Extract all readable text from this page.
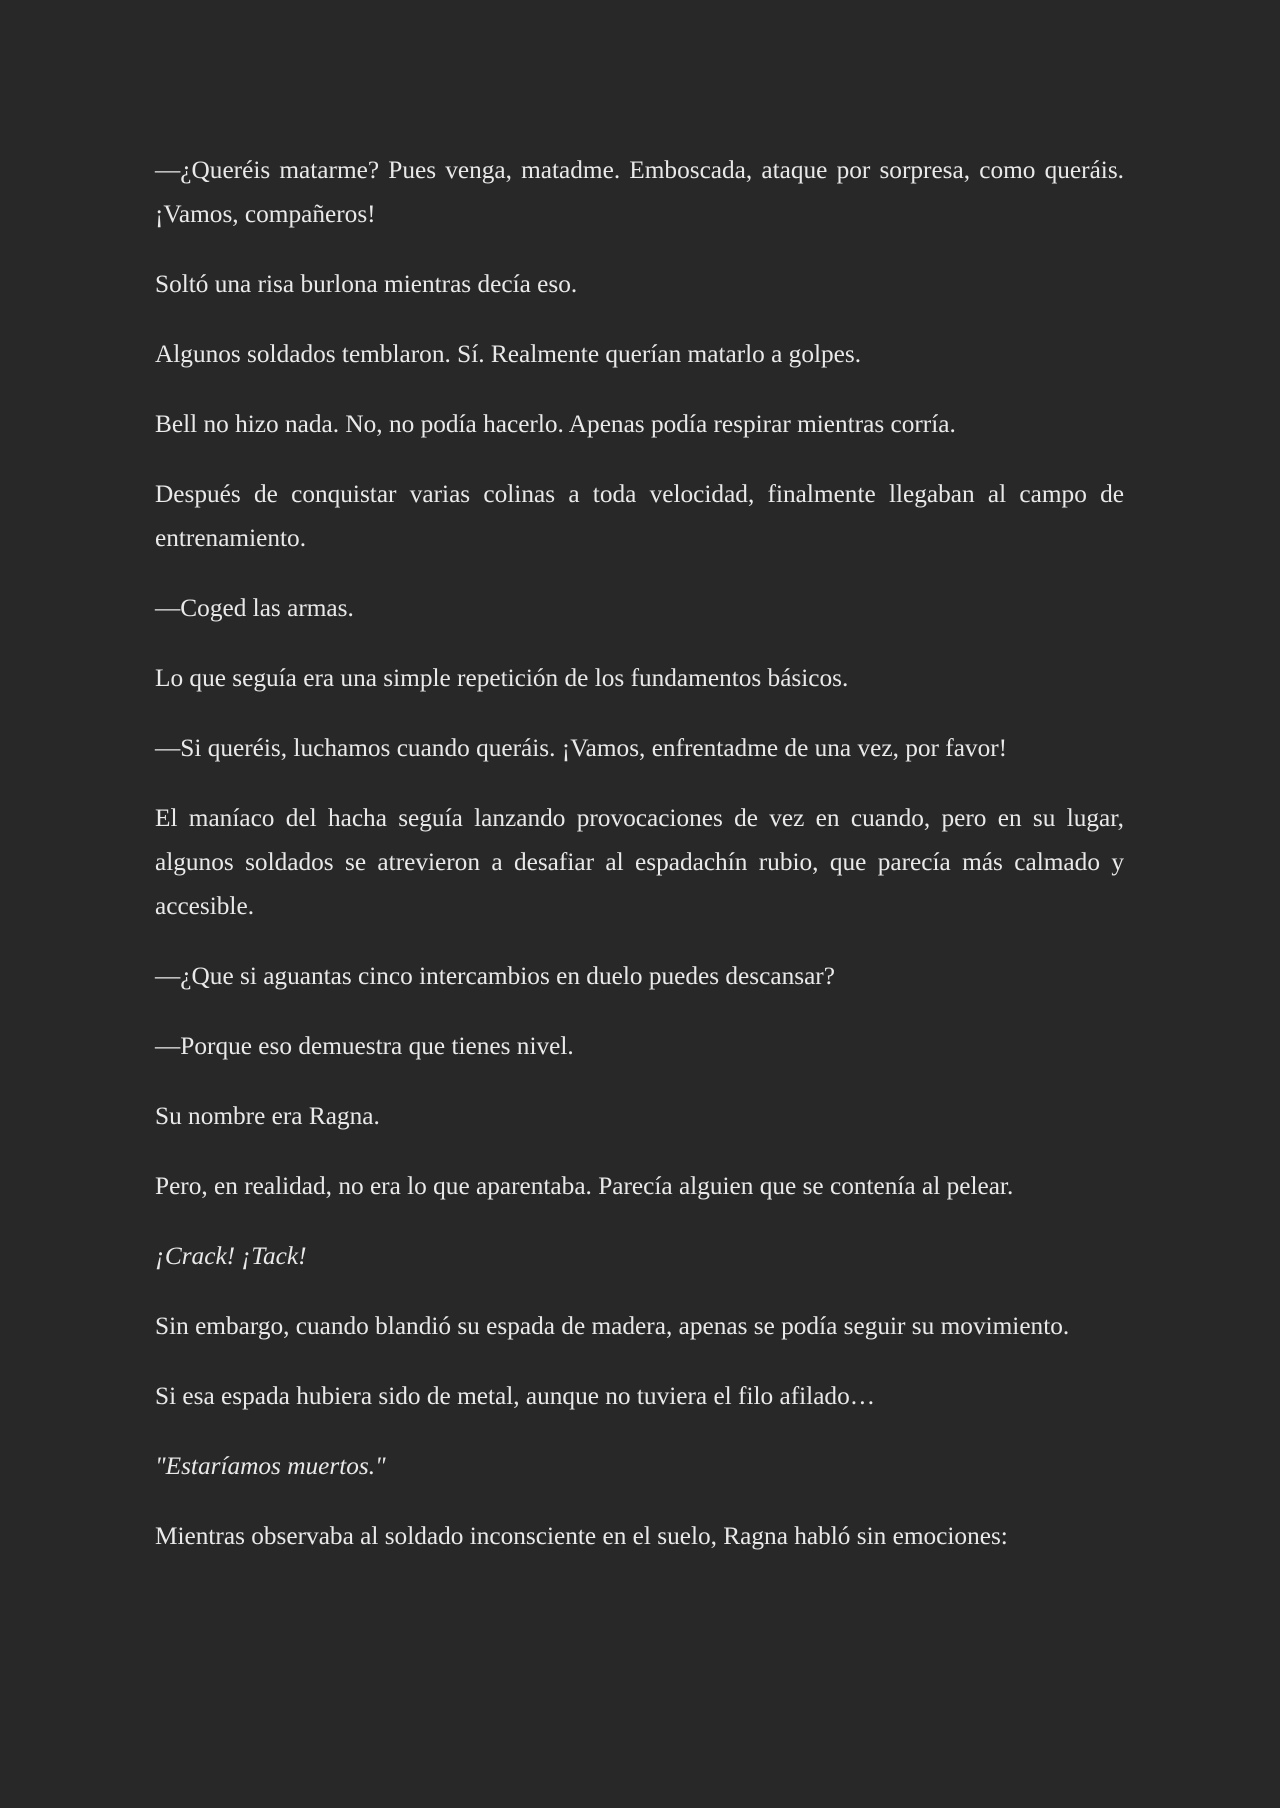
—¿Queréis matarme? Pues venga, matadme. Emboscada, ataque por sorpresa, como queráis. ¡Vamos, compañeros!

Soltó una risa burlona mientras decía eso.

Algunos soldados temblaron. Sí. Realmente querían matarlo a golpes.

Bell no hizo nada. No, no podía hacerlo. Apenas podía respirar mientras corría.

Después de conquistar varias colinas a toda velocidad, finalmente llegaban al campo de entrenamiento.

—Coged las armas.

Lo que seguía era una simple repetición de los fundamentos básicos.

—Si queréis, luchamos cuando queráis. ¡Vamos, enfrentadme de una vez, por favor!

El maníaco del hacha seguía lanzando provocaciones de vez en cuando, pero en su lugar, algunos soldados se atrevieron a desafiar al espadachín rubio, que parecía más calmado y accesible.

—¿Que si aguantas cinco intercambios en duelo puedes descansar?

—Porque eso demuestra que tienes nivel.

Su nombre era Ragna.

Pero, en realidad, no era lo que aparentaba. Parecía alguien que se contenía al pelear.

¡Crack! ¡Tack!

Sin embargo, cuando blandió su espada de madera, apenas se podía seguir su movimiento.

Si esa espada hubiera sido de metal, aunque no tuviera el filo afilado…

"Estaríamos muertos."

Mientras observaba al soldado inconsciente en el suelo, Ragna habló sin emociones:
